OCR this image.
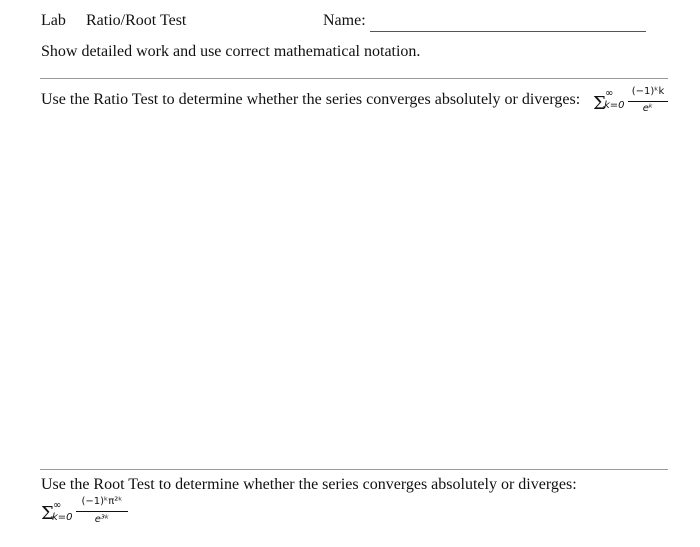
Lab Ratio/Root Test	Name:
Show detailed work and use correct mathematical notation.
Use the Ratio Test to determine whether the series converges absolutely or diverges: Σ ∞
k=0
(−1)ᵏk
eᵏ
Use the Root Test to determine whether the series converges absolutely or diverges:
Σ ∞
k=0
(−1)ᵏπ²ᵏ
e³ᵏ
